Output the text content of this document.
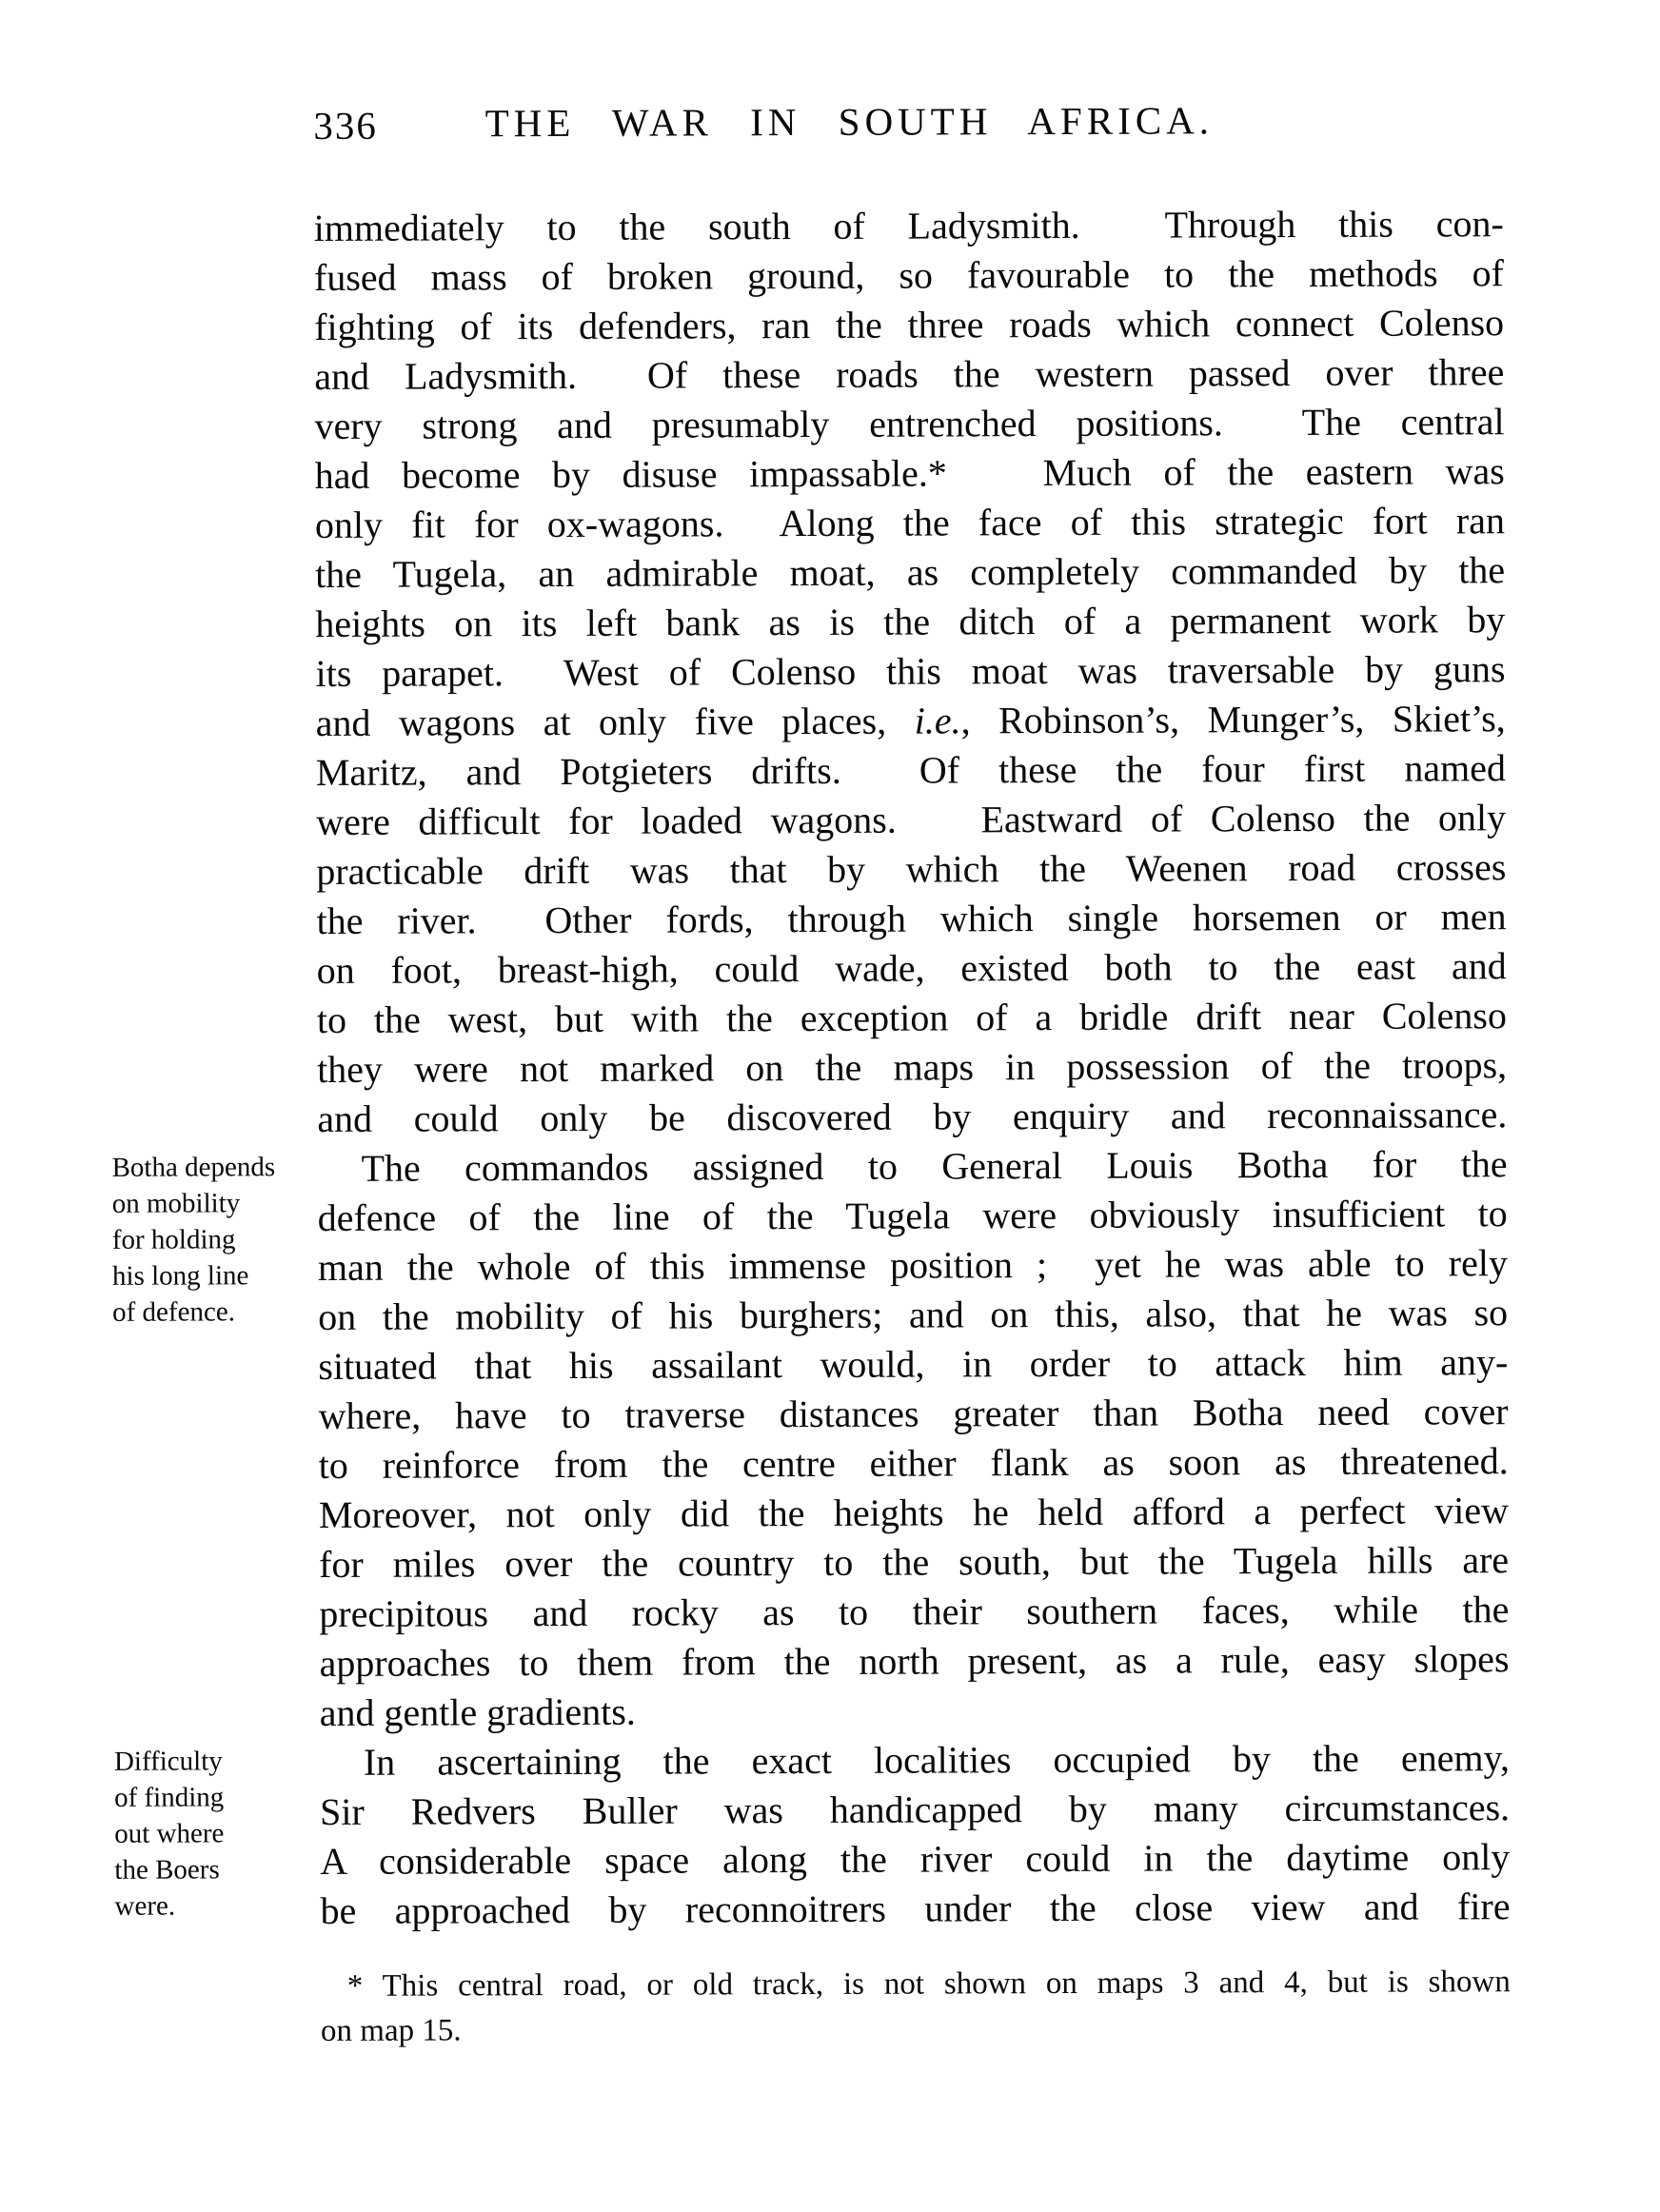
336	THE WAR IN SOUTH AFRICA.
immediately to the south of Ladysmith.  Through this con-
fused mass of broken ground, so favourable to the methods of
fighting of its defenders, ran the three roads which connect Colenso
and Ladysmith.  Of these roads the western passed over three
very strong and presumably entrenched positions.  The central
had become by disuse impassable.*   Much of the eastern was
only fit for ox-wagons.  Along the face of this strategic fort ran
the Tugela, an admirable moat, as completely commanded by the
heights on its left bank as is the ditch of a permanent work by
its parapet.  West of Colenso this moat was traversable by guns
and wagons at only five places, i.e., Robinson’s, Munger’s, Skiet’s,
Maritz, and Potgieters drifts.  Of these the four first named
were difficult for loaded wagons.   Eastward of Colenso the only
practicable drift was that by which the Weenen road crosses
the river.  Other fords, through which single horsemen or men
on foot, breast-high, could wade, existed both to the east and
to the west, but with the exception of a bridle drift near Colenso
they were not marked on the maps in possession of the troops,
and could only be discovered by enquiry and reconnaissance.
Botha depends
on mobility
for holding
his long line
of defence.
The commandos assigned to General Louis Botha for the
defence of the line of the Tugela were obviously insufficient to
man the whole of this immense position ;  yet he was able to rely
on the mobility of his burghers; and on this, also, that he was so
situated that his assailant would, in order to attack him any-
where, have to traverse distances greater than Botha need cover
to reinforce from the centre either flank as soon as threatened.
Moreover, not only did the heights he held afford a perfect view
for miles over the country to the south, but the Tugela hills are
precipitous and rocky as to their southern faces, while the
approaches to them from the north present, as a rule, easy slopes
and gentle gradients.
Difficulty
of finding
out where
the Boers
were.
In ascertaining the exact localities occupied by the enemy,
Sir Redvers Buller was handicapped by many circumstances.
A considerable space along the river could in the daytime only
be approached by reconnoitrers under the close view and fire
* This central road, or old track, is not shown on maps 3 and 4, but is shown
on map 15.
